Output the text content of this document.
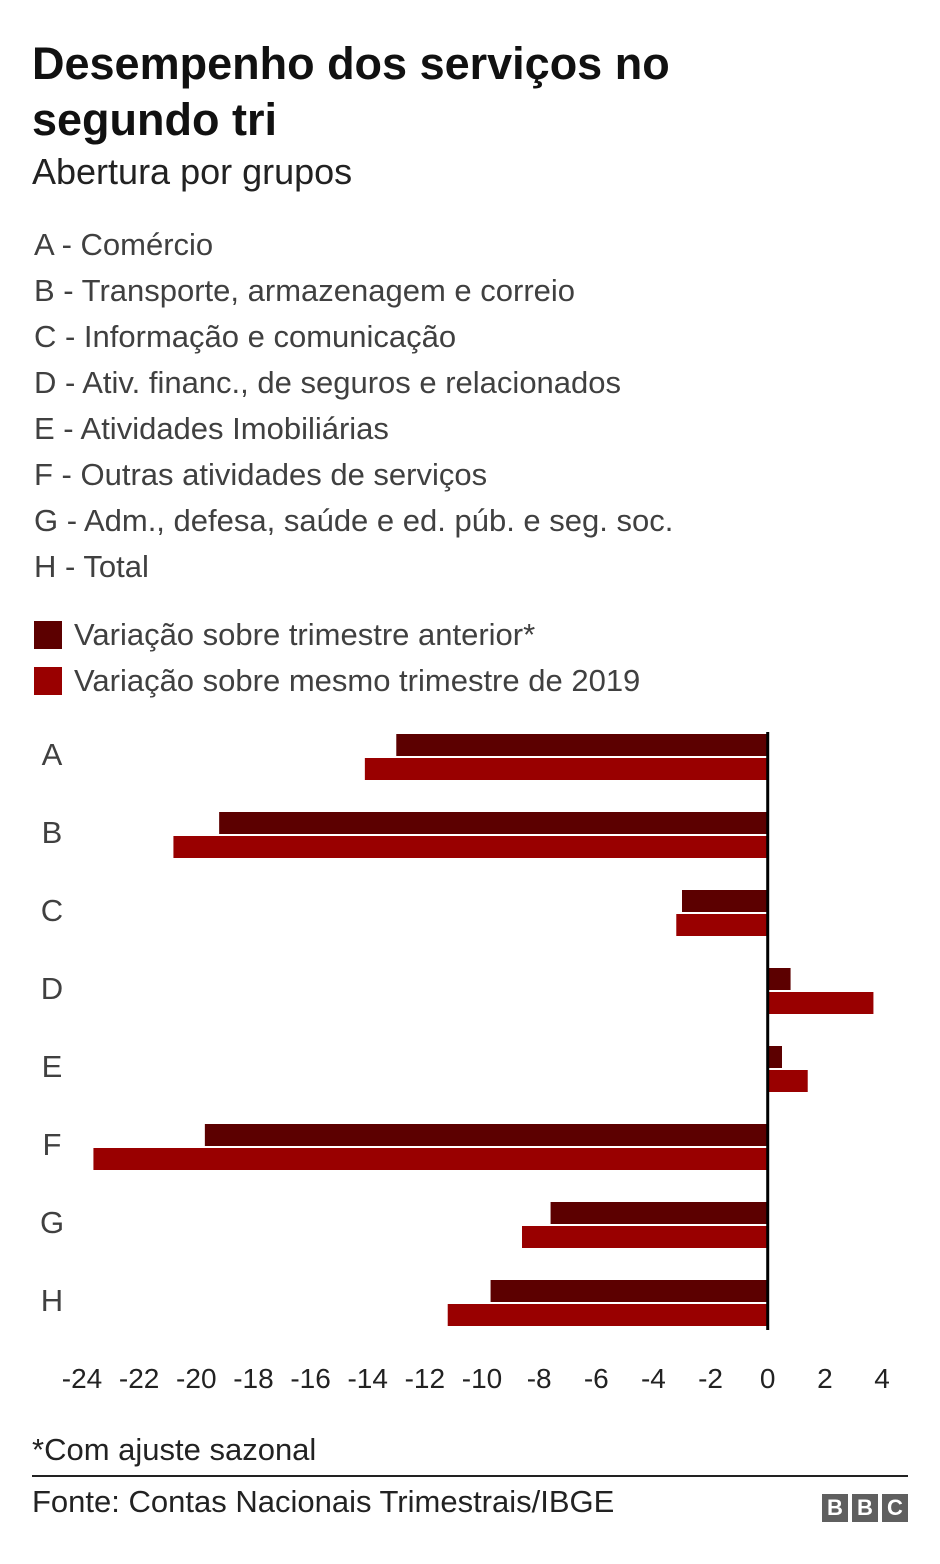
Desempenho dos serviços no segundo tri
Abertura por grupos
A - Comércio
B - Transporte, armazenagem e correio
C - Informação e comunicação
D - Ativ. financ., de seguros e relacionados
E - Atividades Imobiliárias
F - Outras atividades de serviços
G - Adm., defesa, saúde e ed. púb. e seg. soc.
H - Total
Variação sobre trimestre anterior*
Variação sobre mesmo trimestre de 2019
A
B
C
D
E
F
G
H
-24 -22 -20 -18 -16 -14 -12 -10 -8 -6 -4 -2 0 2 4
*Com ajuste sazonal
Fonte: Contas Nacionais Trimestrais/IBGE	B B C
